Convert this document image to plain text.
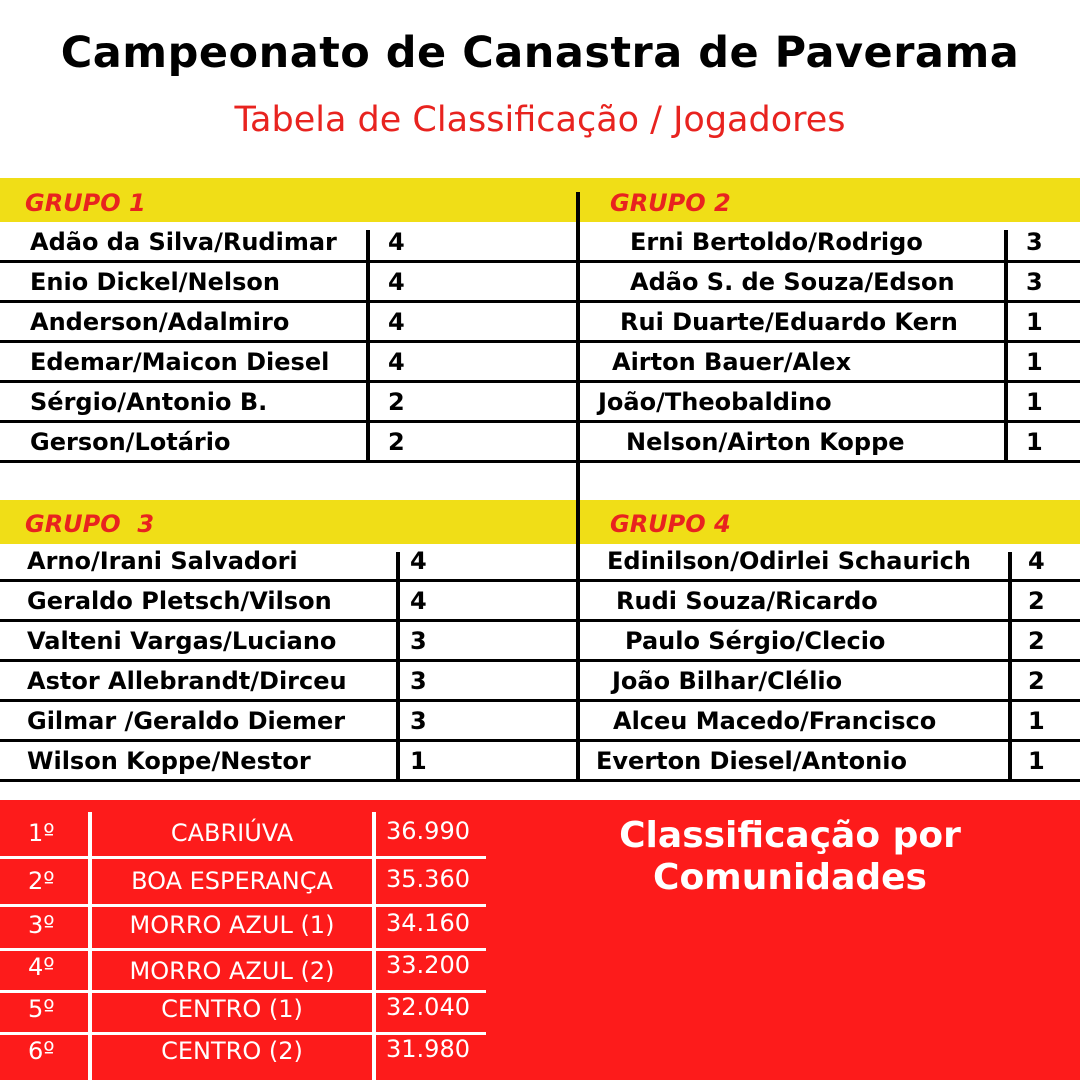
Campeonato de Canastra de Paverama
Tabela de Classificação / Jogadores
GRUPO 1	GRUPO 2
GRUPO  3	GRUPO 4
Adão da Silva/Rudimar 4
Enio Dickel/Nelson	4
Anderson/Adalmiro	4
Edemar/Maicon Diesel 4
Sérgio/Antonio B.	2
Gerson/Lotário	2
Erni Bertoldo/Rodrigo	3
Adão S. de Souza/Edson	3
Rui Duarte/Eduardo Kern	1
Airton Bauer/Alex	1
João/Theobaldino	1
Nelson/Airton Koppe	1
Arno/Irani Salvadori	4
Geraldo Pletsch/Vilson	4
Valteni Vargas/Luciano	3
Astor Allebrandt/Dirceu	3
Gilmar /Geraldo Diemer	3
Wilson Koppe/Nestor	1
Edinilson/Odirlei Schaurich 4
Rudi Souza/Ricardo	2
Paulo Sérgio/Clecio	2
João Bilhar/Clélio	2
Alceu Macedo/Francisco	1
Everton Diesel/Antonio	1
Classificação por
Comunidades
1º	CABRIÚVA	36.990
2º	BOA ESPERANÇA	35.360
3º	MORRO AZUL (1)	34.160
4º	MORRO AZUL (2)	33.200
5º	CENTRO (1)	32.040
6º	CENTRO (2)	31.980
